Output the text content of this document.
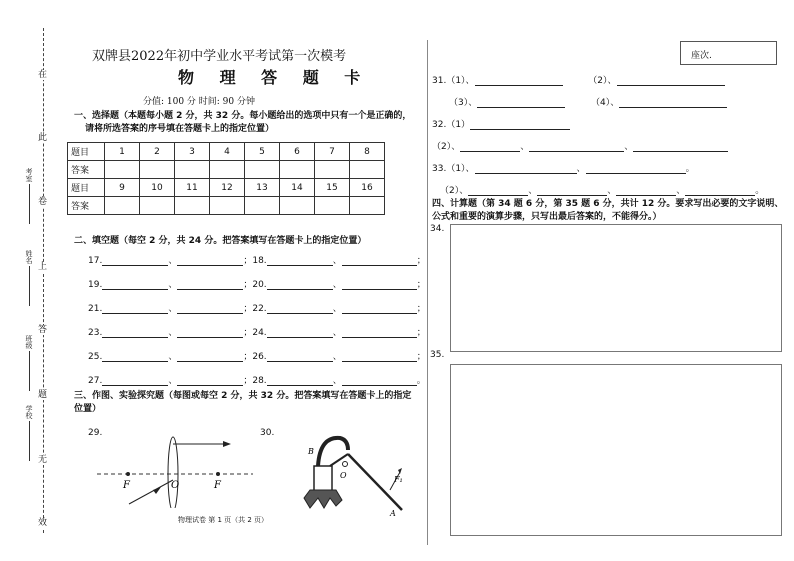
在
此
卷
上
答
题
无
效
考室
姓名
班级
学校
双牌县2022年初中学业水平考试第一次模考
物 理 答 题 卡
分值: 100 分 时间: 90 分钟
一、选择题（本题每小题 2 分，共 32 分。每小题给出的选项中只有一个是正确的，
请将所选答案的序号填在答题卡上的指定位置）
题目	1	2	3	4	5	6	7	8
答案								
题目	9	10	11	12	13	14	15	16
答案								
二、填空题（每空 2 分，共 24 分。把答案填写在答题卡上的指定位置）
17.	、	；18.	、	；
19.	、	；20.	、	；
21.	、	；22.	、	；
23.	、	；24.	、	；
25.	、	；26.	、	；
27.	、	；28.	、	。
三、作图、实验探究题（每图或每空 2 分，共 32 分。把答案填写在答题卡上的指定
位置）
29.	30.
F	O	F
B
O	F₁
A
物理试卷 第 1 页（共 2 页）
座次.
31.（1）、	（2）、
（3）、	（4）、
32.（1）
（2）、	、	、
33.（1）、	、	。
（2）、	、	、	、	。
四、计算题（第 34 题 6 分，第 35 题 6 分，共计 12 分。要求写出必要的文字说明、
公式和重要的演算步骤，只写出最后答案的，不能得分。）
34.
35.
